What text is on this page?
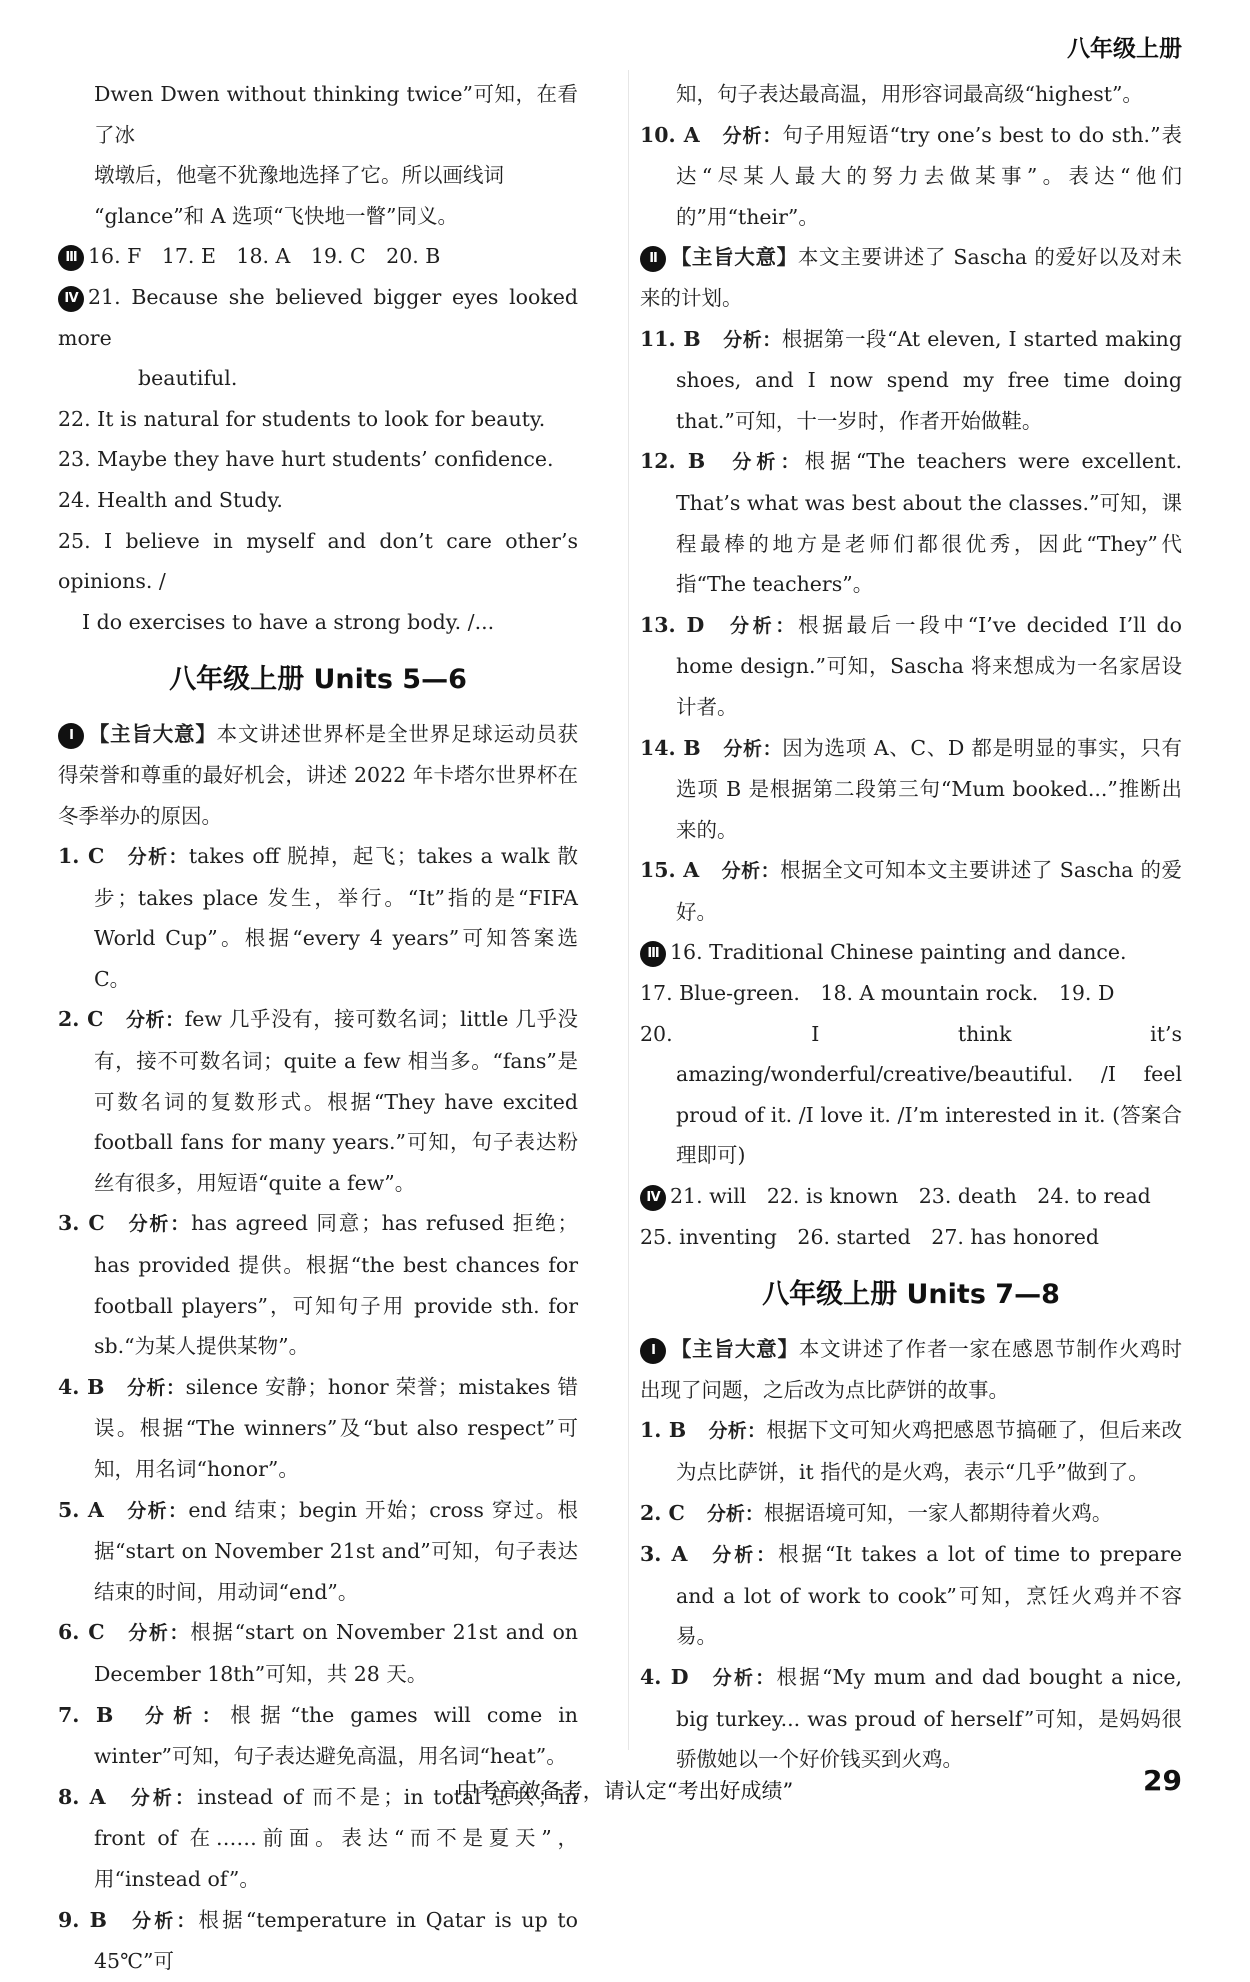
八年级上册
Dwen Dwen without thinking twice”可知，在看了冰
墩墩后，他毫不犹豫地选择了它。所以画线词
“glance”和 A 选项“飞快地一瞥”同义。
Ⅲ 16. F　17. E　18. A　19. C　20. B
Ⅳ 21. Because she believed bigger eyes looked more
beautiful.
22. It is natural for students to look for beauty.
23. Maybe they have hurt students’ confidence.
24. Health and Study.
25. I believe in myself and don’t care other’s opinions. /
I do exercises to have a strong body. /...
八年级上册 Units 5—6
Ⅰ 【主旨大意】本文讲述世界杯是全世界足球运动员获得荣誉和尊重的最好机会，讲述 2022 年卡塔尔世界杯在冬季举办的原因。
1. C 分析：takes off 脱掉，起飞；takes a walk 散步；takes place 发生，举行。“It”指的是“FIFA World Cup”。根据“every 4 years”可知答案选 C。
2. C 分析：few 几乎没有，接可数名词；little 几乎没有，接不可数名词；quite a few 相当多。“fans”是可数名词的复数形式。根据“They have excited football fans for many years.”可知，句子表达粉丝有很多，用短语“quite a few”。
3. C 分析：has agreed 同意；has refused 拒绝；has provided 提供。根据“the best chances for football players”，可知句子用 provide sth. for sb.“为某人提供某物”。
4. B 分析：silence 安静；honor 荣誉；mistakes 错误。根据“The winners”及“but also respect”可知，用名词“honor”。
5. A 分析：end 结束；begin 开始；cross 穿过。根据“start on November 21st and”可知，句子表达结束的时间，用动词“end”。
6. C 分析：根据“start on November 21st and on December 18th”可知，共 28 天。
7. B 分析：根据“the games will come in winter”可知，句子表达避免高温，用名词“heat”。
8. A 分析：instead of 而不是；in total 总共；in front of 在……前面。表达“而不是夏天”，用“instead of”。
9. B 分析：根据“temperature in Qatar is up to 45℃”可
知，句子表达最高温，用形容词最高级“highest”。
10. A 分析：句子用短语“try one’s best to do sth.”表达“尽某人最大的努力去做某事”。表达“他们的”用“their”。
Ⅱ 【主旨大意】本文主要讲述了 Sascha 的爱好以及对未来的计划。
11. B 分析：根据第一段“At eleven, I started making shoes, and I now spend my free time doing that.”可知，十一岁时，作者开始做鞋。
12. B 分析：根据“The teachers were excellent. That’s what was best about the classes.”可知，课程最棒的地方是老师们都很优秀，因此“They”代指“The teachers”。
13. D 分析：根据最后一段中“I’ve decided I’ll do home design.”可知，Sascha 将来想成为一名家居设计者。
14. B 分析：因为选项 A、C、D 都是明显的事实，只有选项 B 是根据第二段第三句“Mum booked...”推断出来的。
15. A 分析：根据全文可知本文主要讲述了 Sascha 的爱好。
Ⅲ 16. Traditional Chinese painting and dance.
17. Blue-green.　18. A mountain rock.　19. D
20. I think it’s amazing/wonderful/creative/beautiful. /I feel proud of it. /I love it. /I’m interested in it. (答案合理即可)
Ⅳ 21. will　22. is known　23. death　24. to read
25. inventing　26. started　27. has honored
八年级上册 Units 7—8
Ⅰ 【主旨大意】本文讲述了作者一家在感恩节制作火鸡时出现了问题，之后改为点比萨饼的故事。
1. B 分析：根据下文可知火鸡把感恩节搞砸了，但后来改为点比萨饼，it 指代的是火鸡，表示“几乎”做到了。
2. C 分析：根据语境可知，一家人都期待着火鸡。
3. A 分析：根据“It takes a lot of time to prepare and a lot of work to cook”可知，烹饪火鸡并不容易。
4. D 分析：根据“My mum and dad bought a nice, big turkey... was proud of herself”可知，是妈妈很骄傲她以一个好价钱买到火鸡。
中考高效备考，请认定“考出好成绩”	29
